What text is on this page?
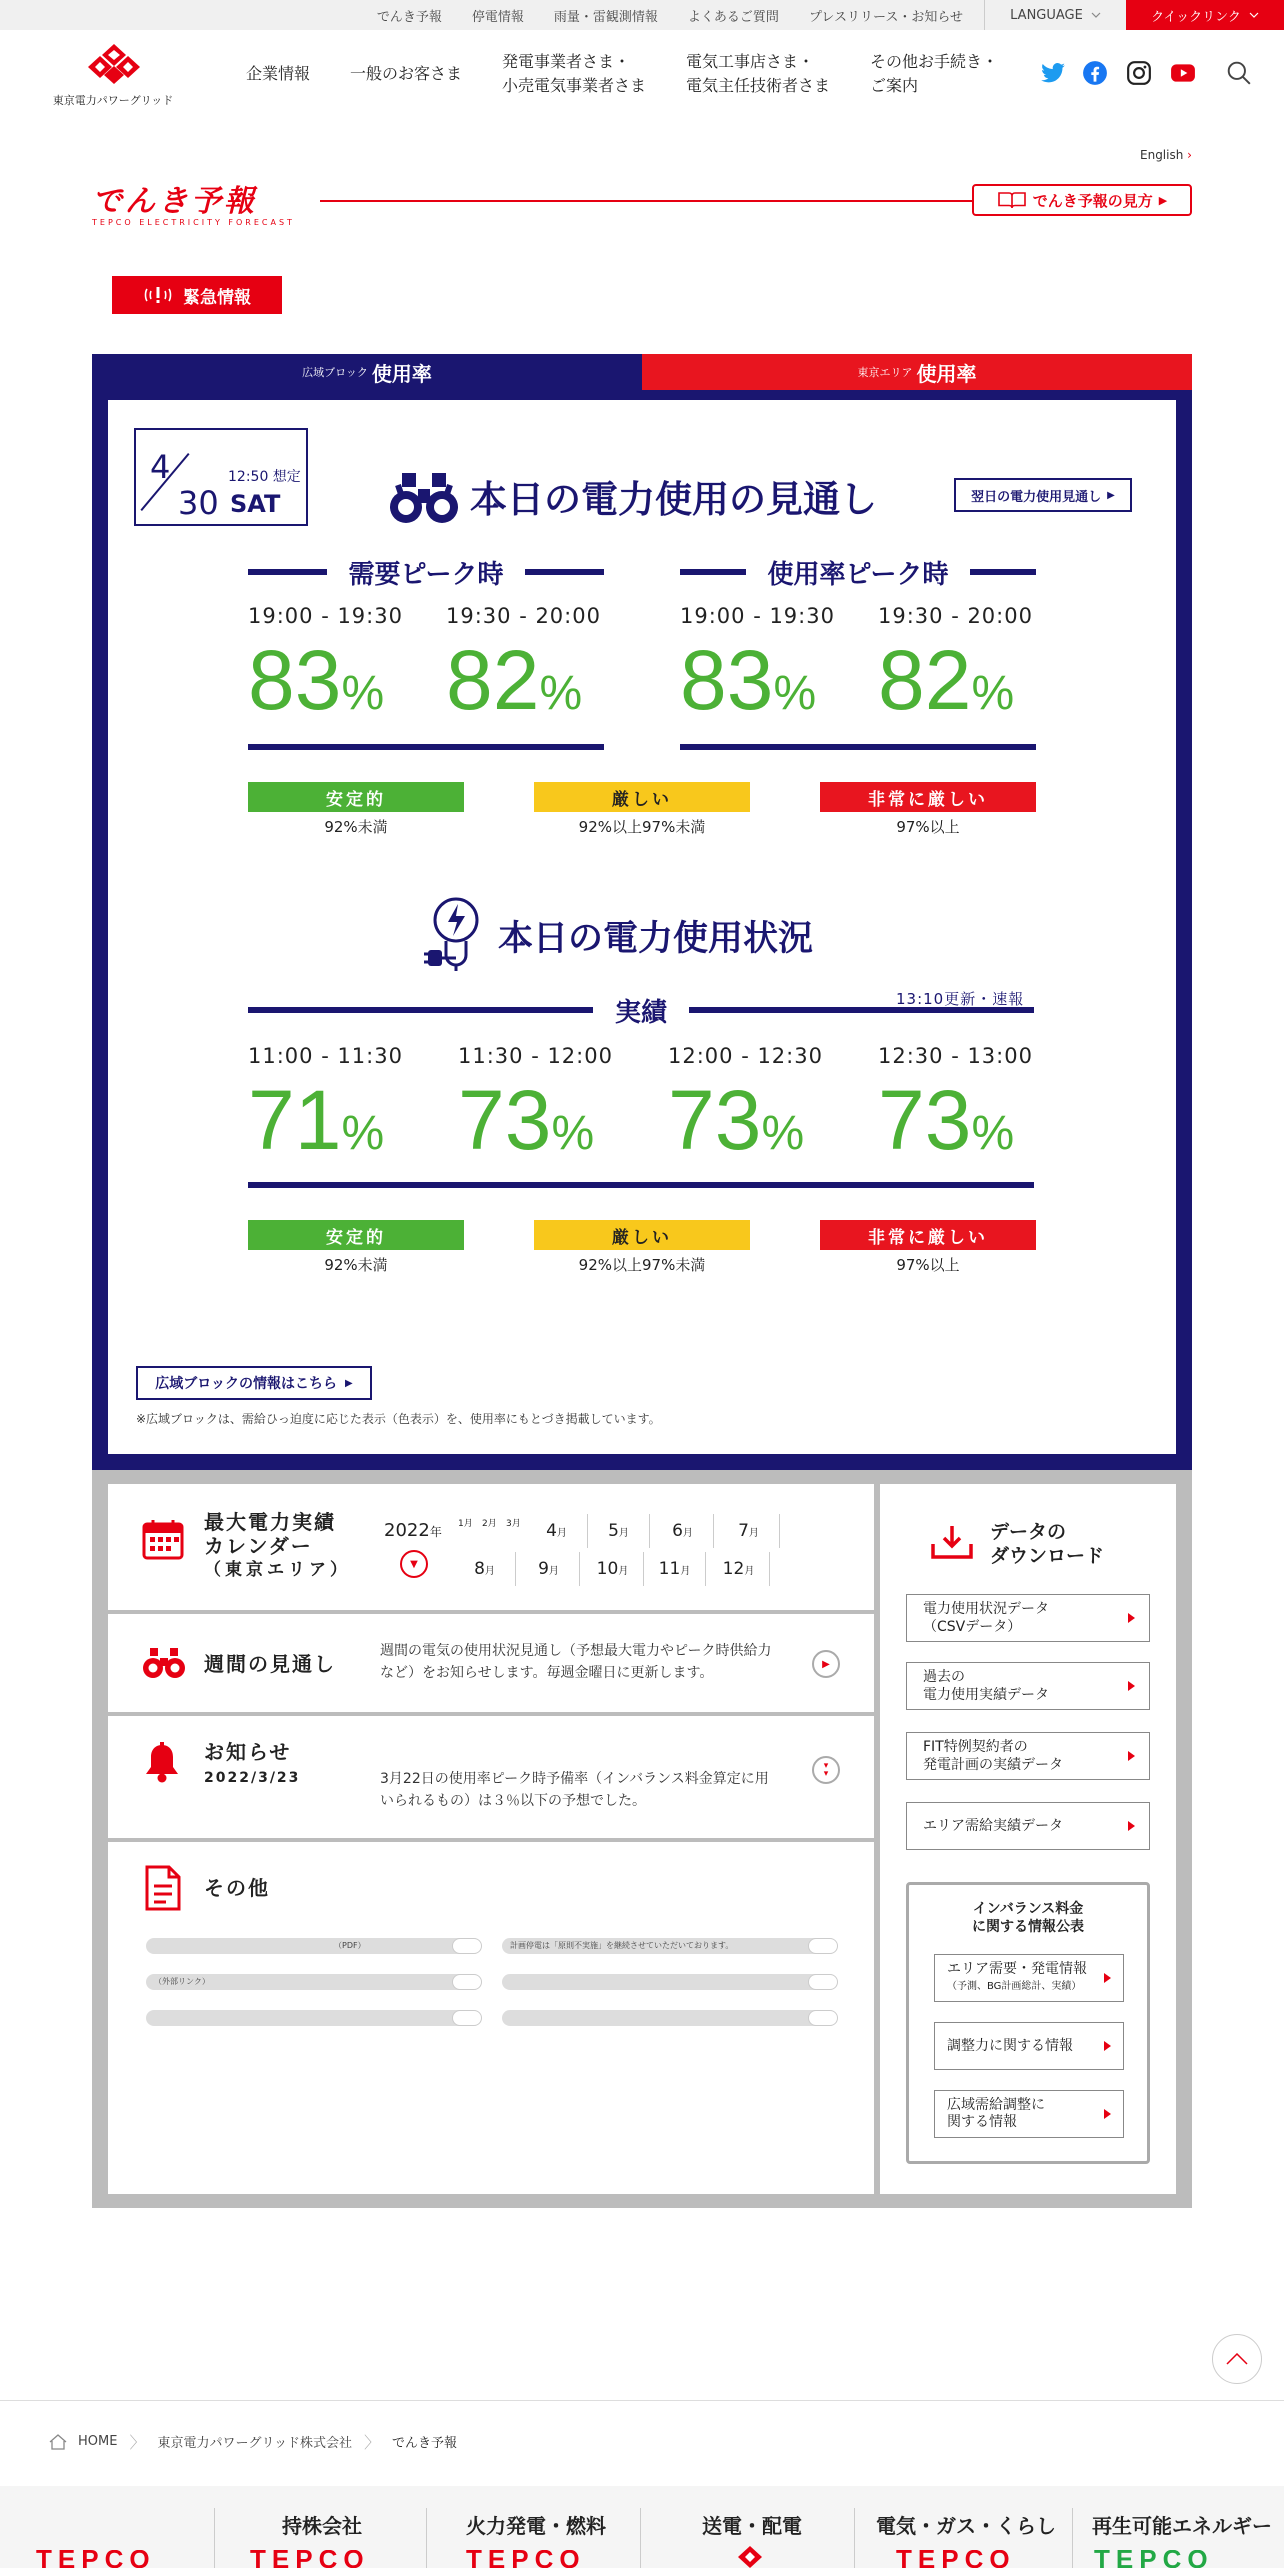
でんき予報	停電情報	雨量・雷観測情報	よくあるご質問	プレスリリース・お知らせ	LANGUAGE	クイックリンク
東京電力パワーグリッド
企業情報 一般のお客さま
発電事業者さま・
小売電気事業者さま
電気工事店さま・
電気主任技術者さま
その他お手続き・
ご案内
English ›
でんき予報
TEPCO ELECTRICITY FORECAST
でんき予報の見方 ▶
緊急情報
広域ブロック 使用率	東京エリア 使用率
4
30
12:50 想定
SAT	本日の電力使用の見通し	翌日の電力使用見通し ▶
需要ピーク時
19:00 - 19:30
83%
19:30 - 20:00
82%
使用率ピーク時
19:00 - 19:30
83%
19:30 - 20:00
82%
安定的
92%未満
厳しい
92%以上97%未満
非常に厳しい
97%以上
本日の電力使用状況
実績	13:10更新・速報
11:00 - 11:30
71%
11:30 - 12:00
73%
12:00 - 12:30
73%
12:30 - 13:00
73%
安定的
92%未満
厳しい
92%以上97%未満
非常に厳しい
97%以上
広域ブロックの情報はこちら ▶
※広域ブロックは、需給ひっ迫度に応じた表示（色表示）を、使用率にもとづき掲載しています。
最大電力実績
カレンダー
（東京エリア）
2022年
1月 2月 3月
▼
4月	5月	6月	7月
8月	9月	10月	11月	12月
週間の見通し
週間の電気の使用状況見通し（予想最大電力やピーク時供給力など）をお知らせします。毎週金曜日に更新します。
▶
お知らせ
2022/3/23	3月22日の使用率ピーク時予備率（インバランス料金算定に用いられるもの）は３％以下の予想でした。
▾
▾
その他
（PDF）	計画停電は「原則不実施」を継続させていただいております。
（外部リンク）
データの
ダウンロード
電力使用状況データ
（CSVデータ）
過去の
電力使用実績データ
FIT特例契約者の
発電計画の実績データ
エリア需給実績データ
インバランス料金
に関する情報公表
エリア需要・発電情報
（予測、BG計画総計、実績）
調整力に関する情報
広域需給調整に
関する情報
HOME 〉 東京電力パワーグリッド株式会社 〉 でんき予報
TEPCO
持株会社
TEPCO
火力発電・燃料
TEPCO
送電・配電	電気・ガス・くらし
TEPCO
再生可能エネルギー
TEPCO
